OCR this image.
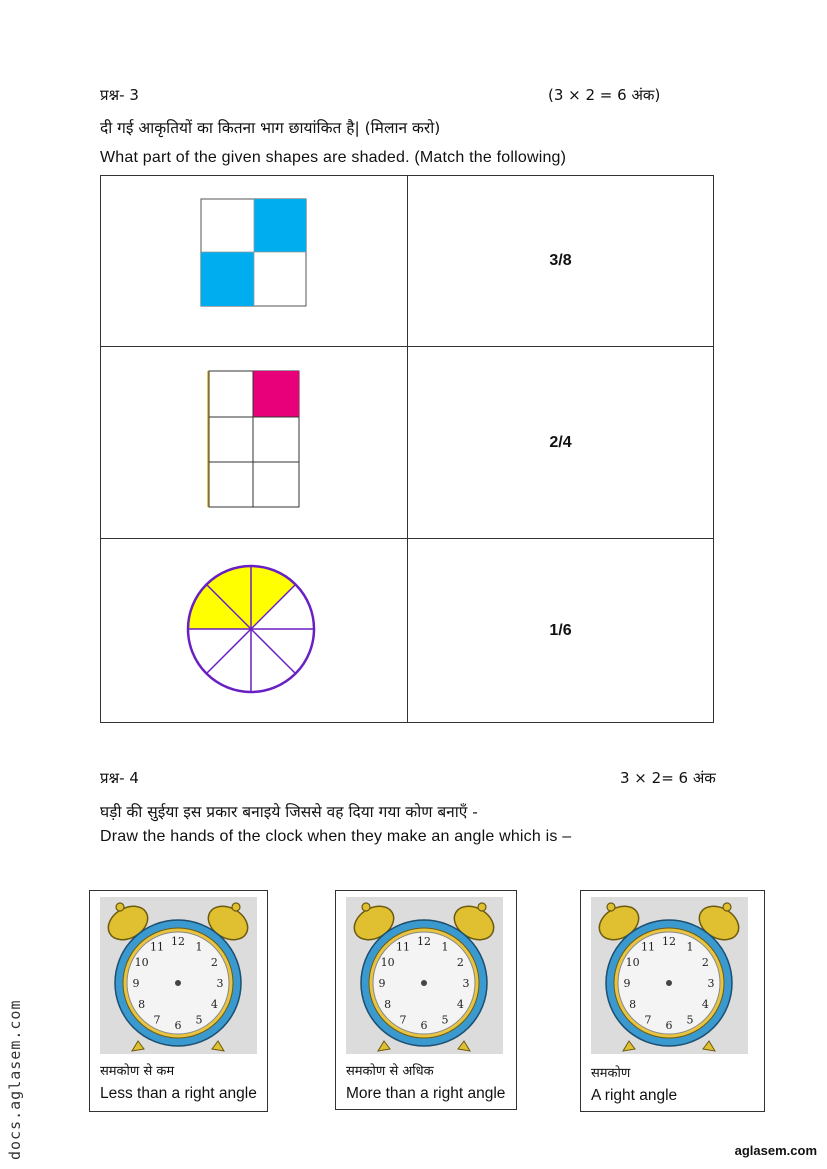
प्रश्न- 3	(3 × 2 = 6 अंक)
दी गई आकृतियों का कितना भाग छायांकित है| (मिलान करो)
What part of the given shapes are shaded. (Match the following)
	3/8
	2/4
	1/6
प्रश्न- 4	3 × 2= 6 अंक
घड़ी की सुईया इस प्रकार बनाइये जिससे वह दिया गया कोण बनाएँ -
Draw the hands of the clock when they make an angle which is –
12 1
2
3
4
5
6
7
8
9
10
11
समकोण से कम
Less than a right angle
12 1
2
3
4
5
6
7
8
9
10
11
समकोण से अधिक
More than a right angle
12 1
2
3
4
5
6
7
8
9
10
11
समकोण
A right angle
docs.aglasem.com	aglasem.com
